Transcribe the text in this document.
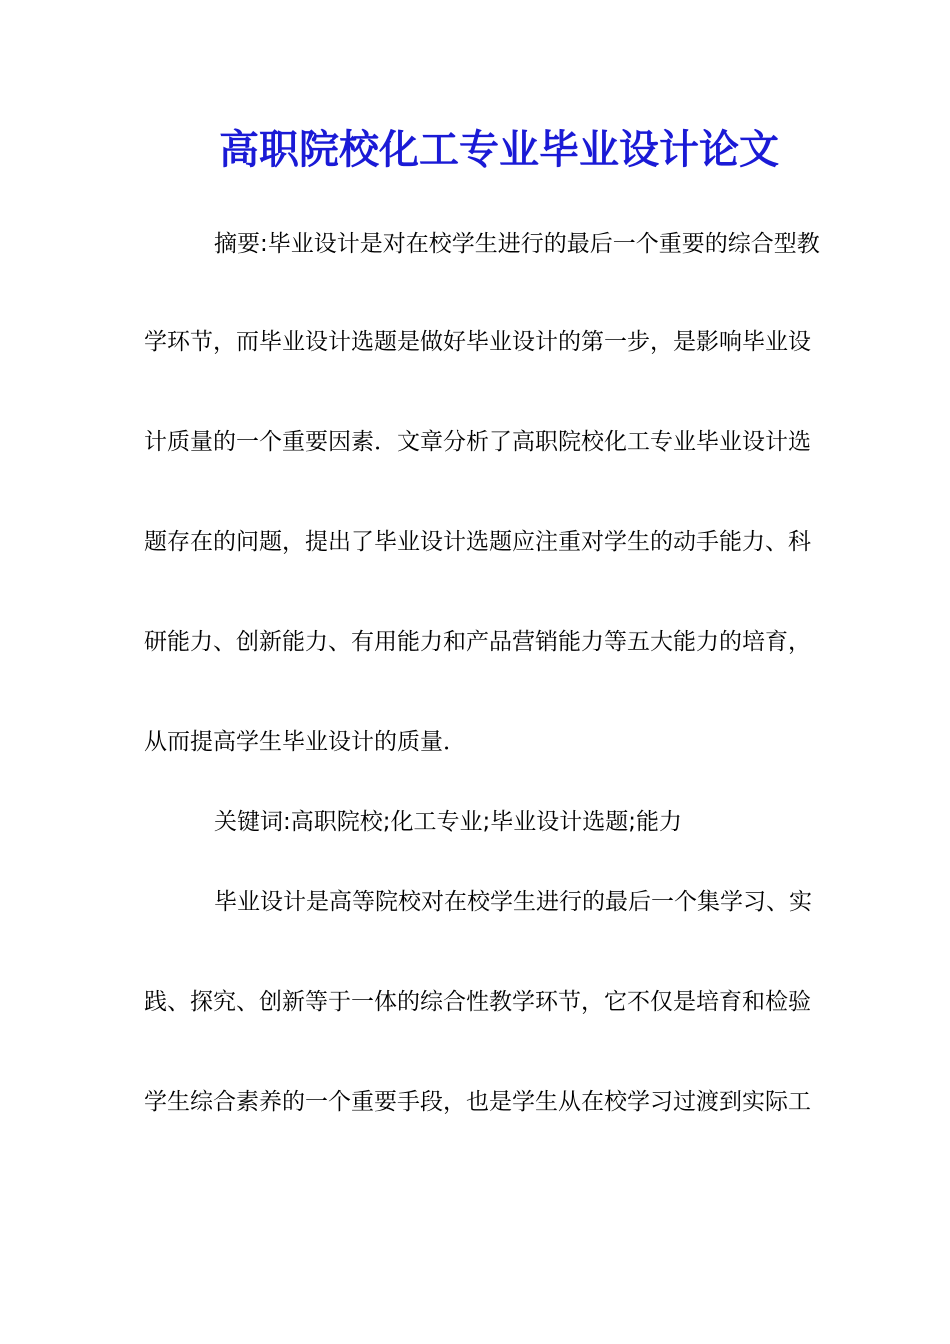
高职院校化工专业毕业设计论文
摘要:毕业设计是对在校学生进行的最后一个重要的综合型教
学环节，而毕业设计选题是做好毕业设计的第一步，是影响毕业设
计质量的一个重要因素．文章分析了高职院校化工专业毕业设计选
题存在的问题，提出了毕业设计选题应注重对学生的动手能力、科
研能力、创新能力、有用能力和产品营销能力等五大能力的培育，
从而提高学生毕业设计的质量．
关键词:高职院校;化工专业;毕业设计选题;能力
毕业设计是高等院校对在校学生进行的最后一个集学习、实
践、探究、创新等于一体的综合性教学环节，它不仅是培育和检验
学生综合素养的一个重要手段，也是学生从在校学习过渡到实际工
